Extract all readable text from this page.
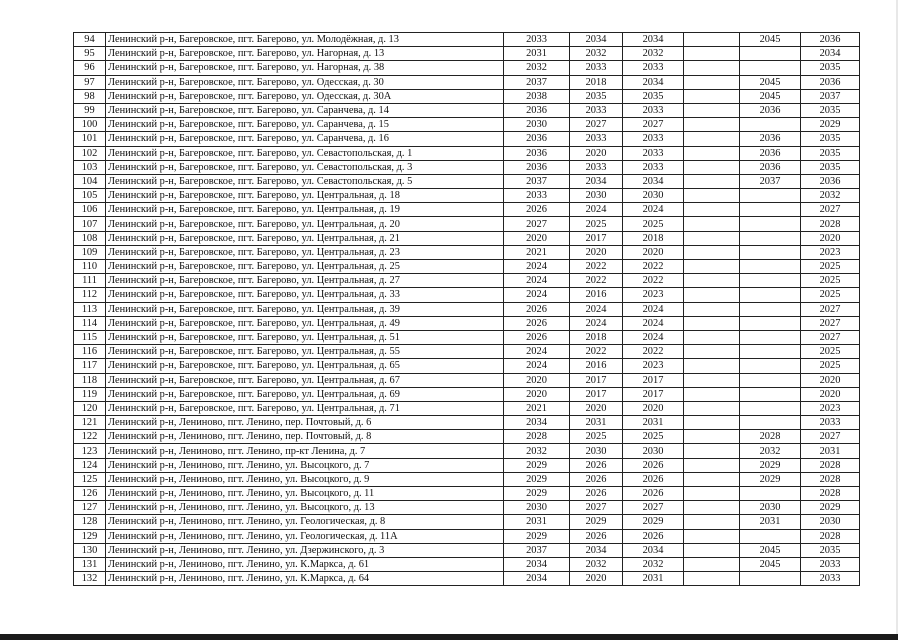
94	Ленинский р-н, Багеровское, пгт. Багерово, ул. Молодёжная, д. 13	2033	2034	2034		2045	2036
95	Ленинский р-н, Багеровское, пгт. Багерово, ул. Нагорная, д. 13	2031	2032	2032			2034
96	Ленинский р-н, Багеровское, пгт. Багерово, ул. Нагорная, д. 38	2032	2033	2033			2035
97	Ленинский р-н, Багеровское, пгт. Багерово, ул. Одесская, д. 30	2037	2018	2034		2045	2036
98	Ленинский р-н, Багеровское, пгт. Багерово, ул. Одесская, д. 30А	2038	2035	2035		2045	2037
99	Ленинский р-н, Багеровское, пгт. Багерово, ул. Саранчева, д. 14	2036	2033	2033		2036	2035
100	Ленинский р-н, Багеровское, пгт. Багерово, ул. Саранчева, д. 15	2030	2027	2027			2029
101	Ленинский р-н, Багеровское, пгт. Багерово, ул. Саранчева, д. 16	2036	2033	2033		2036	2035
102	Ленинский р-н, Багеровское, пгт. Багерово, ул. Севастопольская, д. 1	2036	2020	2033		2036	2035
103	Ленинский р-н, Багеровское, пгт. Багерово, ул. Севастопольская, д. 3	2036	2033	2033		2036	2035
104	Ленинский р-н, Багеровское, пгт. Багерово, ул. Севастопольская, д. 5	2037	2034	2034		2037	2036
105	Ленинский р-н, Багеровское, пгт. Багерово, ул. Центральная, д. 18	2033	2030	2030			2032
106	Ленинский р-н, Багеровское, пгт. Багерово, ул. Центральная, д. 19	2026	2024	2024			2027
107	Ленинский р-н, Багеровское, пгт. Багерово, ул. Центральная, д. 20	2027	2025	2025			2028
108	Ленинский р-н, Багеровское, пгт. Багерово, ул. Центральная, д. 21	2020	2017	2018			2020
109	Ленинский р-н, Багеровское, пгт. Багерово, ул. Центральная, д. 23	2021	2020	2020			2023
110	Ленинский р-н, Багеровское, пгт. Багерово, ул. Центральная, д. 25	2024	2022	2022			2025
111	Ленинский р-н, Багеровское, пгт. Багерово, ул. Центральная, д. 27	2024	2022	2022			2025
112	Ленинский р-н, Багеровское, пгт. Багерово, ул. Центральная, д. 33	2024	2016	2023			2025
113	Ленинский р-н, Багеровское, пгт. Багерово, ул. Центральная, д. 39	2026	2024	2024			2027
114	Ленинский р-н, Багеровское, пгт. Багерово, ул. Центральная, д. 49	2026	2024	2024			2027
115	Ленинский р-н, Багеровское, пгт. Багерово, ул. Центральная, д. 51	2026	2018	2024			2027
116	Ленинский р-н, Багеровское, пгт. Багерово, ул. Центральная, д. 55	2024	2022	2022			2025
117	Ленинский р-н, Багеровское, пгт. Багерово, ул. Центральная, д. 65	2024	2016	2023			2025
118	Ленинский р-н, Багеровское, пгт. Багерово, ул. Центральная, д. 67	2020	2017	2017			2020
119	Ленинский р-н, Багеровское, пгт. Багерово, ул. Центральная, д. 69	2020	2017	2017			2020
120	Ленинский р-н, Багеровское, пгт. Багерово, ул. Центральная, д. 71	2021	2020	2020			2023
121	Ленинский р-н, Лениново, пгт. Ленино, пер. Почтовый, д. 6	2034	2031	2031			2033
122	Ленинский р-н, Лениново, пгт. Ленино, пер. Почтовый, д. 8	2028	2025	2025		2028	2027
123	Ленинский р-н, Лениново, пгт. Ленино, пр-кт Ленина, д. 7	2032	2030	2030		2032	2031
124	Ленинский р-н, Лениново, пгт. Ленино, ул. Высоцкого, д. 7	2029	2026	2026		2029	2028
125	Ленинский р-н, Лениново, пгт. Ленино, ул. Высоцкого, д. 9	2029	2026	2026		2029	2028
126	Ленинский р-н, Лениново, пгт. Ленино, ул. Высоцкого, д. 11	2029	2026	2026			2028
127	Ленинский р-н, Лениново, пгт. Ленино, ул. Высоцкого, д. 13	2030	2027	2027		2030	2029
128	Ленинский р-н, Лениново, пгт. Ленино, ул. Геологическая, д. 8	2031	2029	2029		2031	2030
129	Ленинский р-н, Лениново, пгт. Ленино, ул. Геологическая, д. 11А	2029	2026	2026			2028
130	Ленинский р-н, Лениново, пгт. Ленино, ул. Дзержинского, д. 3	2037	2034	2034		2045	2035
131	Ленинский р-н, Лениново, пгт. Ленино, ул. К.Маркса, д. 61	2034	2032	2032		2045	2033
132	Ленинский р-н, Лениново, пгт. Ленино, ул. К.Маркса, д. 64	2034	2020	2031			2033
